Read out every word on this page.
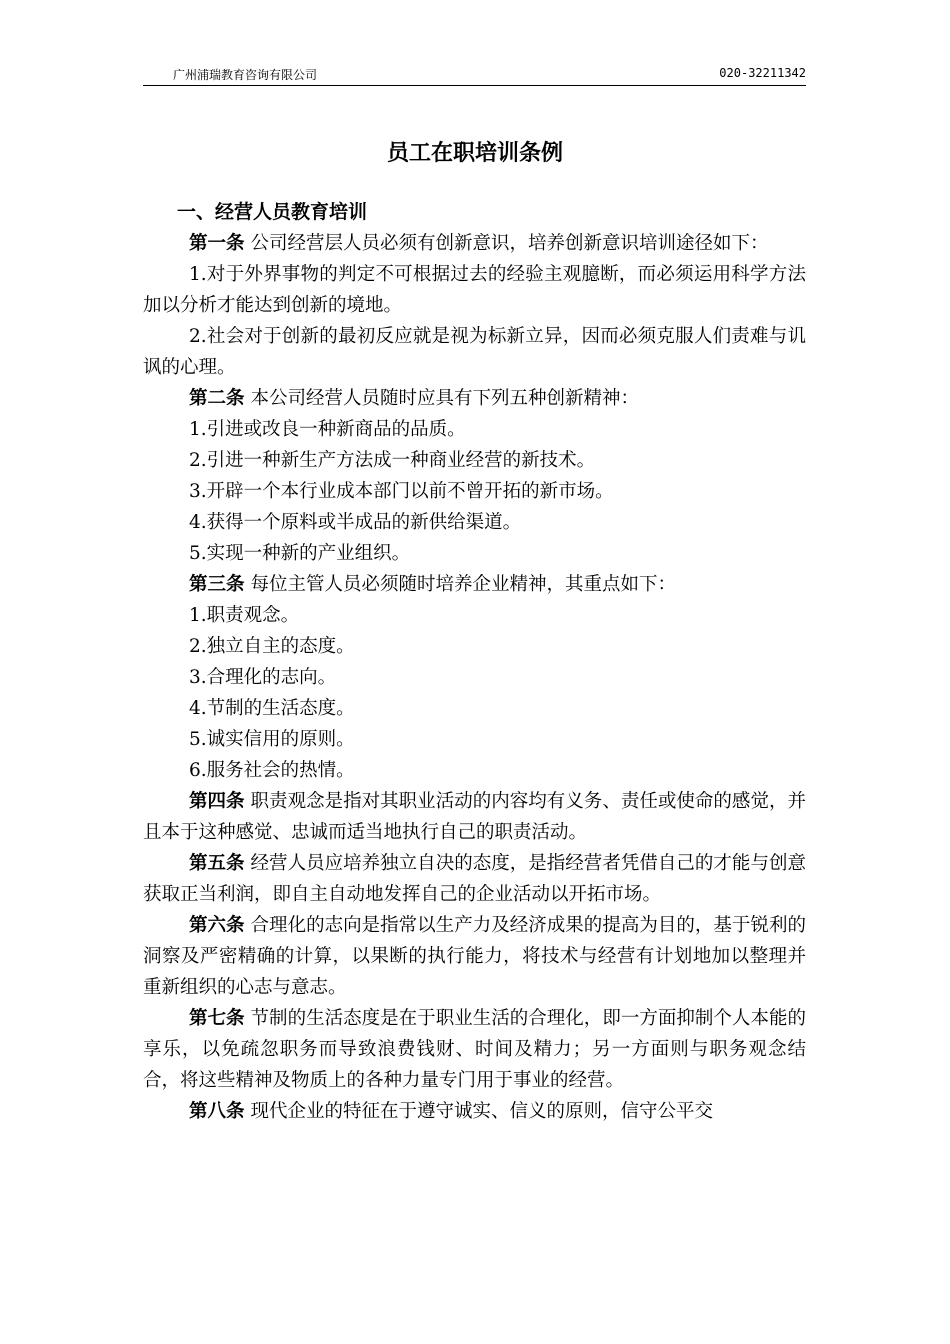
广州浦瑞教育咨询有限公司	020-32211342
员工在职培训条例
一、经营人员教育培训

第一条 公司经营层人员必须有创新意识，培养创新意识培训途径如下：

1.对于外界事物的判定不可根据过去的经验主观臆断，而必须运用科学方法加以分析才能达到创新的境地。

2.社会对于创新的最初反应就是视为标新立异，因而必须克服人们责难与讥讽的心理。

第二条 本公司经营人员随时应具有下列五种创新精神：

1.引进或改良一种新商品的品质。

2.引进一种新生产方法成一种商业经营的新技术。

3.开辟一个本行业成本部门以前不曾开拓的新市场。

4.获得一个原料或半成品的新供给渠道。

5.实现一种新的产业组织。

第三条 每位主管人员必须随时培养企业精神，其重点如下：

1.职责观念。

2.独立自主的态度。

3.合理化的志向。

4.节制的生活态度。

5.诚实信用的原则。

6.服务社会的热情。

第四条 职责观念是指对其职业活动的内容均有义务、责任或使命的感觉，并且本于这种感觉、忠诚而适当地执行自己的职责活动。

第五条 经营人员应培养独立自决的态度，是指经营者凭借自己的才能与创意获取正当利润，即自主自动地发挥自己的企业活动以开拓市场。

第六条 合理化的志向是指常以生产力及经济成果的提高为目的，基于锐利的洞察及严密精确的计算，以果断的执行能力，将技术与经营有计划地加以整理并重新组织的心志与意志。

第七条 节制的生活态度是在于职业生活的合理化，即一方面抑制个人本能的享乐，以免疏忽职务而导致浪费钱财、时间及精力；另一方面则与职务观念结合，将这些精神及物质上的各种力量专门用于事业的经营。

第八条 现代企业的特征在于遵守诚实、信义的原则，信守公平交
